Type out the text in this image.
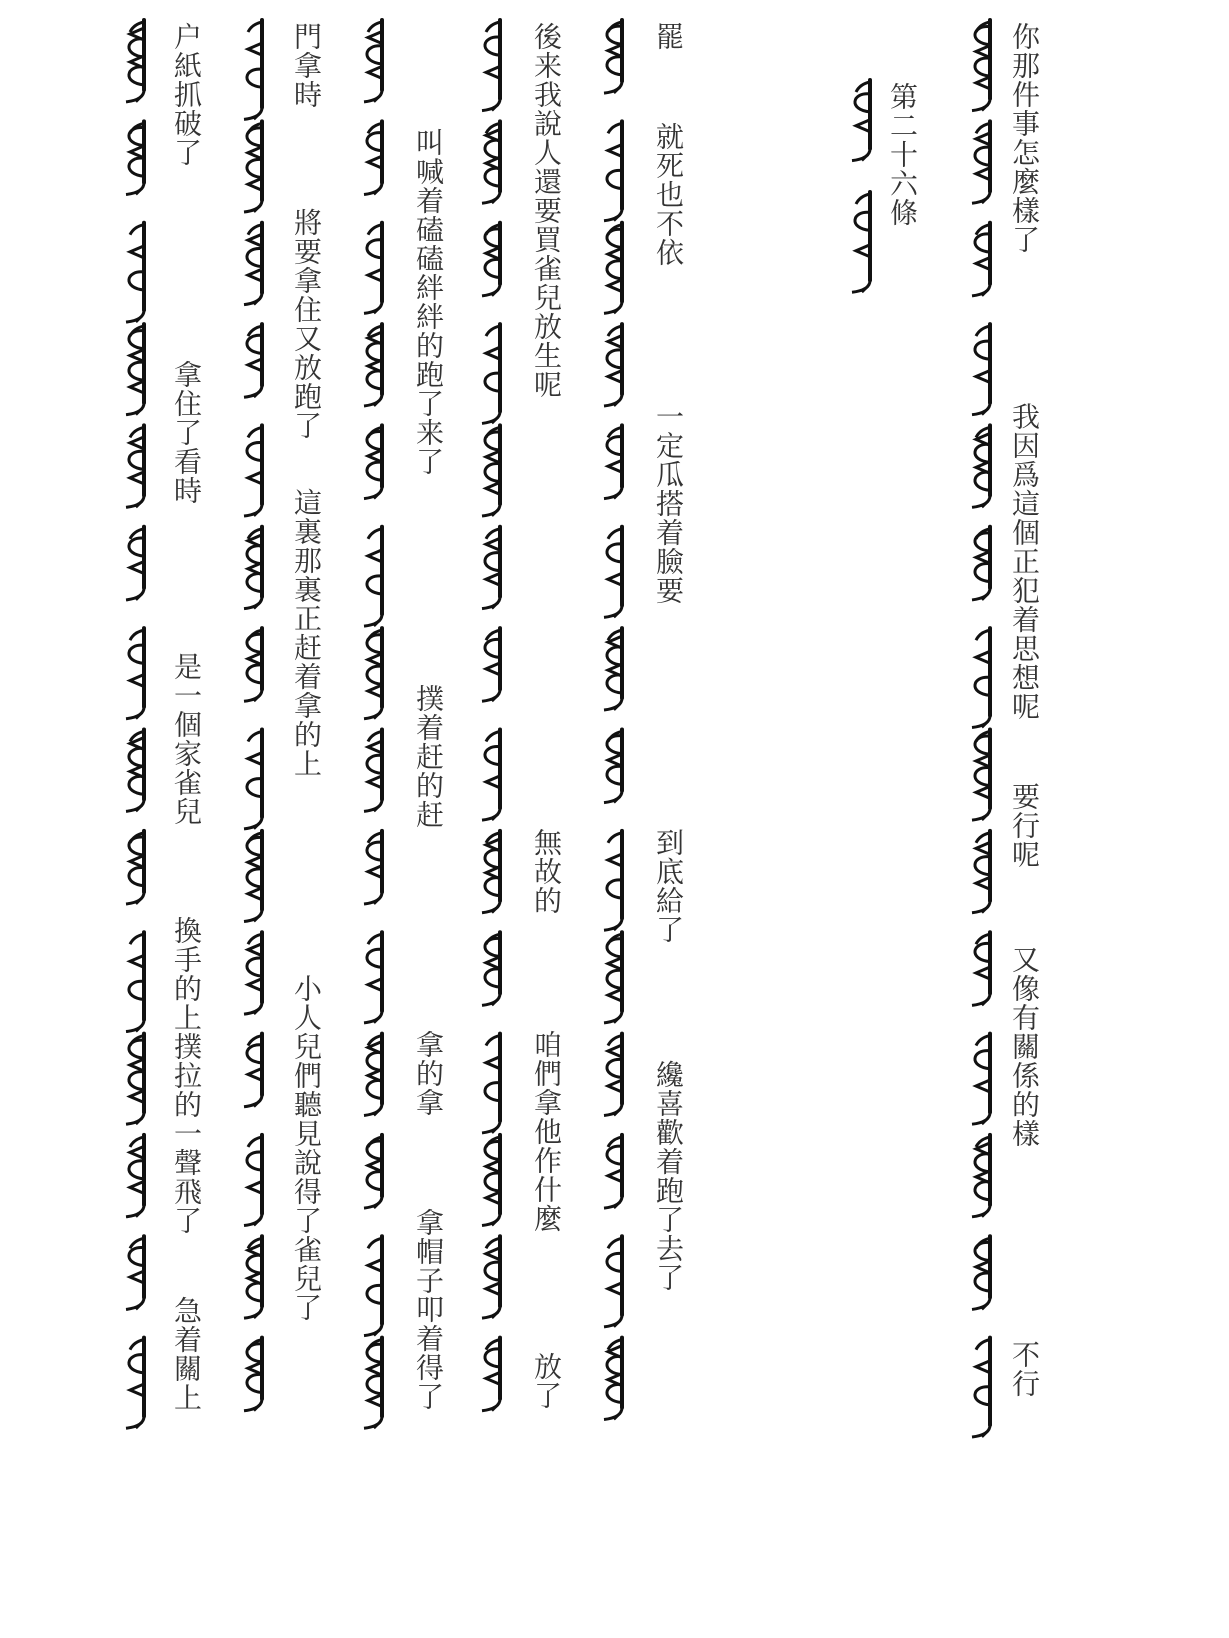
第二十六條	你那件事怎麼樣了
我因爲這個正犯着思想呢
要行呢
又像有關係的樣
不行
罷
就死也不依
一定瓜搭着臉要
到底給了
纔喜歡着跑了去了
後来我說
人還要買雀兒放生呢
無故的
咱們拿他作什麼
放了
叫喊着磕磕絆絆的跑了来了
撲着赶的赶
拿的拿
拿帽子叩着得了
門拿時
將要拿住又放跑了
這裏那裏正赶着拿的上
小人兒們聽見說得了雀兒了
户紙抓破了
拿住了看時
是一個家雀兒
換手的上撲拉的一聲飛了
急着關上
